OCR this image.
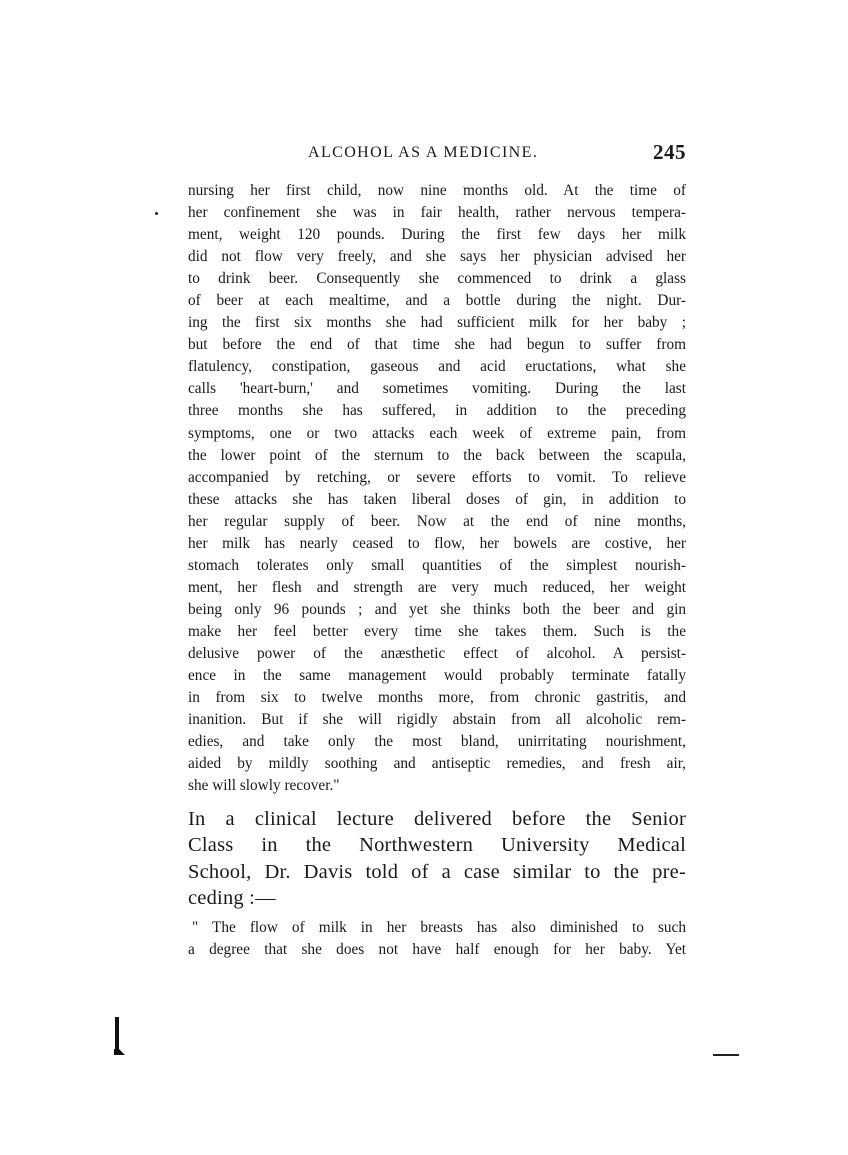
ALCOHOL AS A MEDICINE.	245
nursing her first child, now nine months old. At the time of
her confinement she was in fair health, rather nervous tempera-
ment, weight 120 pounds. During the first few days her milk
did not flow very freely, and she says her physician advised her
to drink beer. Consequently she commenced to drink a glass
of beer at each mealtime, and a bottle during the night. Dur-
ing the first six months she had sufficient milk for her baby ;
but before the end of that time she had begun to suffer from
flatulency, constipation, gaseous and acid eructations, what she
calls 'heart-burn,' and sometimes vomiting. During the last
three months she has suffered, in addition to the preceding
symptoms, one or two attacks each week of extreme pain, from
the lower point of the sternum to the back between the scapula,
accompanied by retching, or severe efforts to vomit. To relieve
these attacks she has taken liberal doses of gin, in addition to
her regular supply of beer. Now at the end of nine months,
her milk has nearly ceased to flow, her bowels are costive, her
stomach tolerates only small quantities of the simplest nourish-
ment, her flesh and strength are very much reduced, her weight
being only 96 pounds ; and yet she thinks both the beer and gin
make her feel better every time she takes them. Such is the
delusive power of the anæsthetic effect of alcohol. A persist-
ence in the same management would probably terminate fatally
in from six to twelve months more, from chronic gastritis, and
inanition. But if she will rigidly abstain from all alcoholic rem-
edies, and take only the most bland, unirritating nourishment,
aided by mildly soothing and antiseptic remedies, and fresh air,
she will slowly recover."
In a clinical lecture delivered before the Senior
Class in the Northwestern University Medical
School, Dr. Davis told of a case similar to the pre-
ceding :—
" The flow of milk in her breasts has also diminished to such
a degree that she does not have half enough for her baby. Yet
